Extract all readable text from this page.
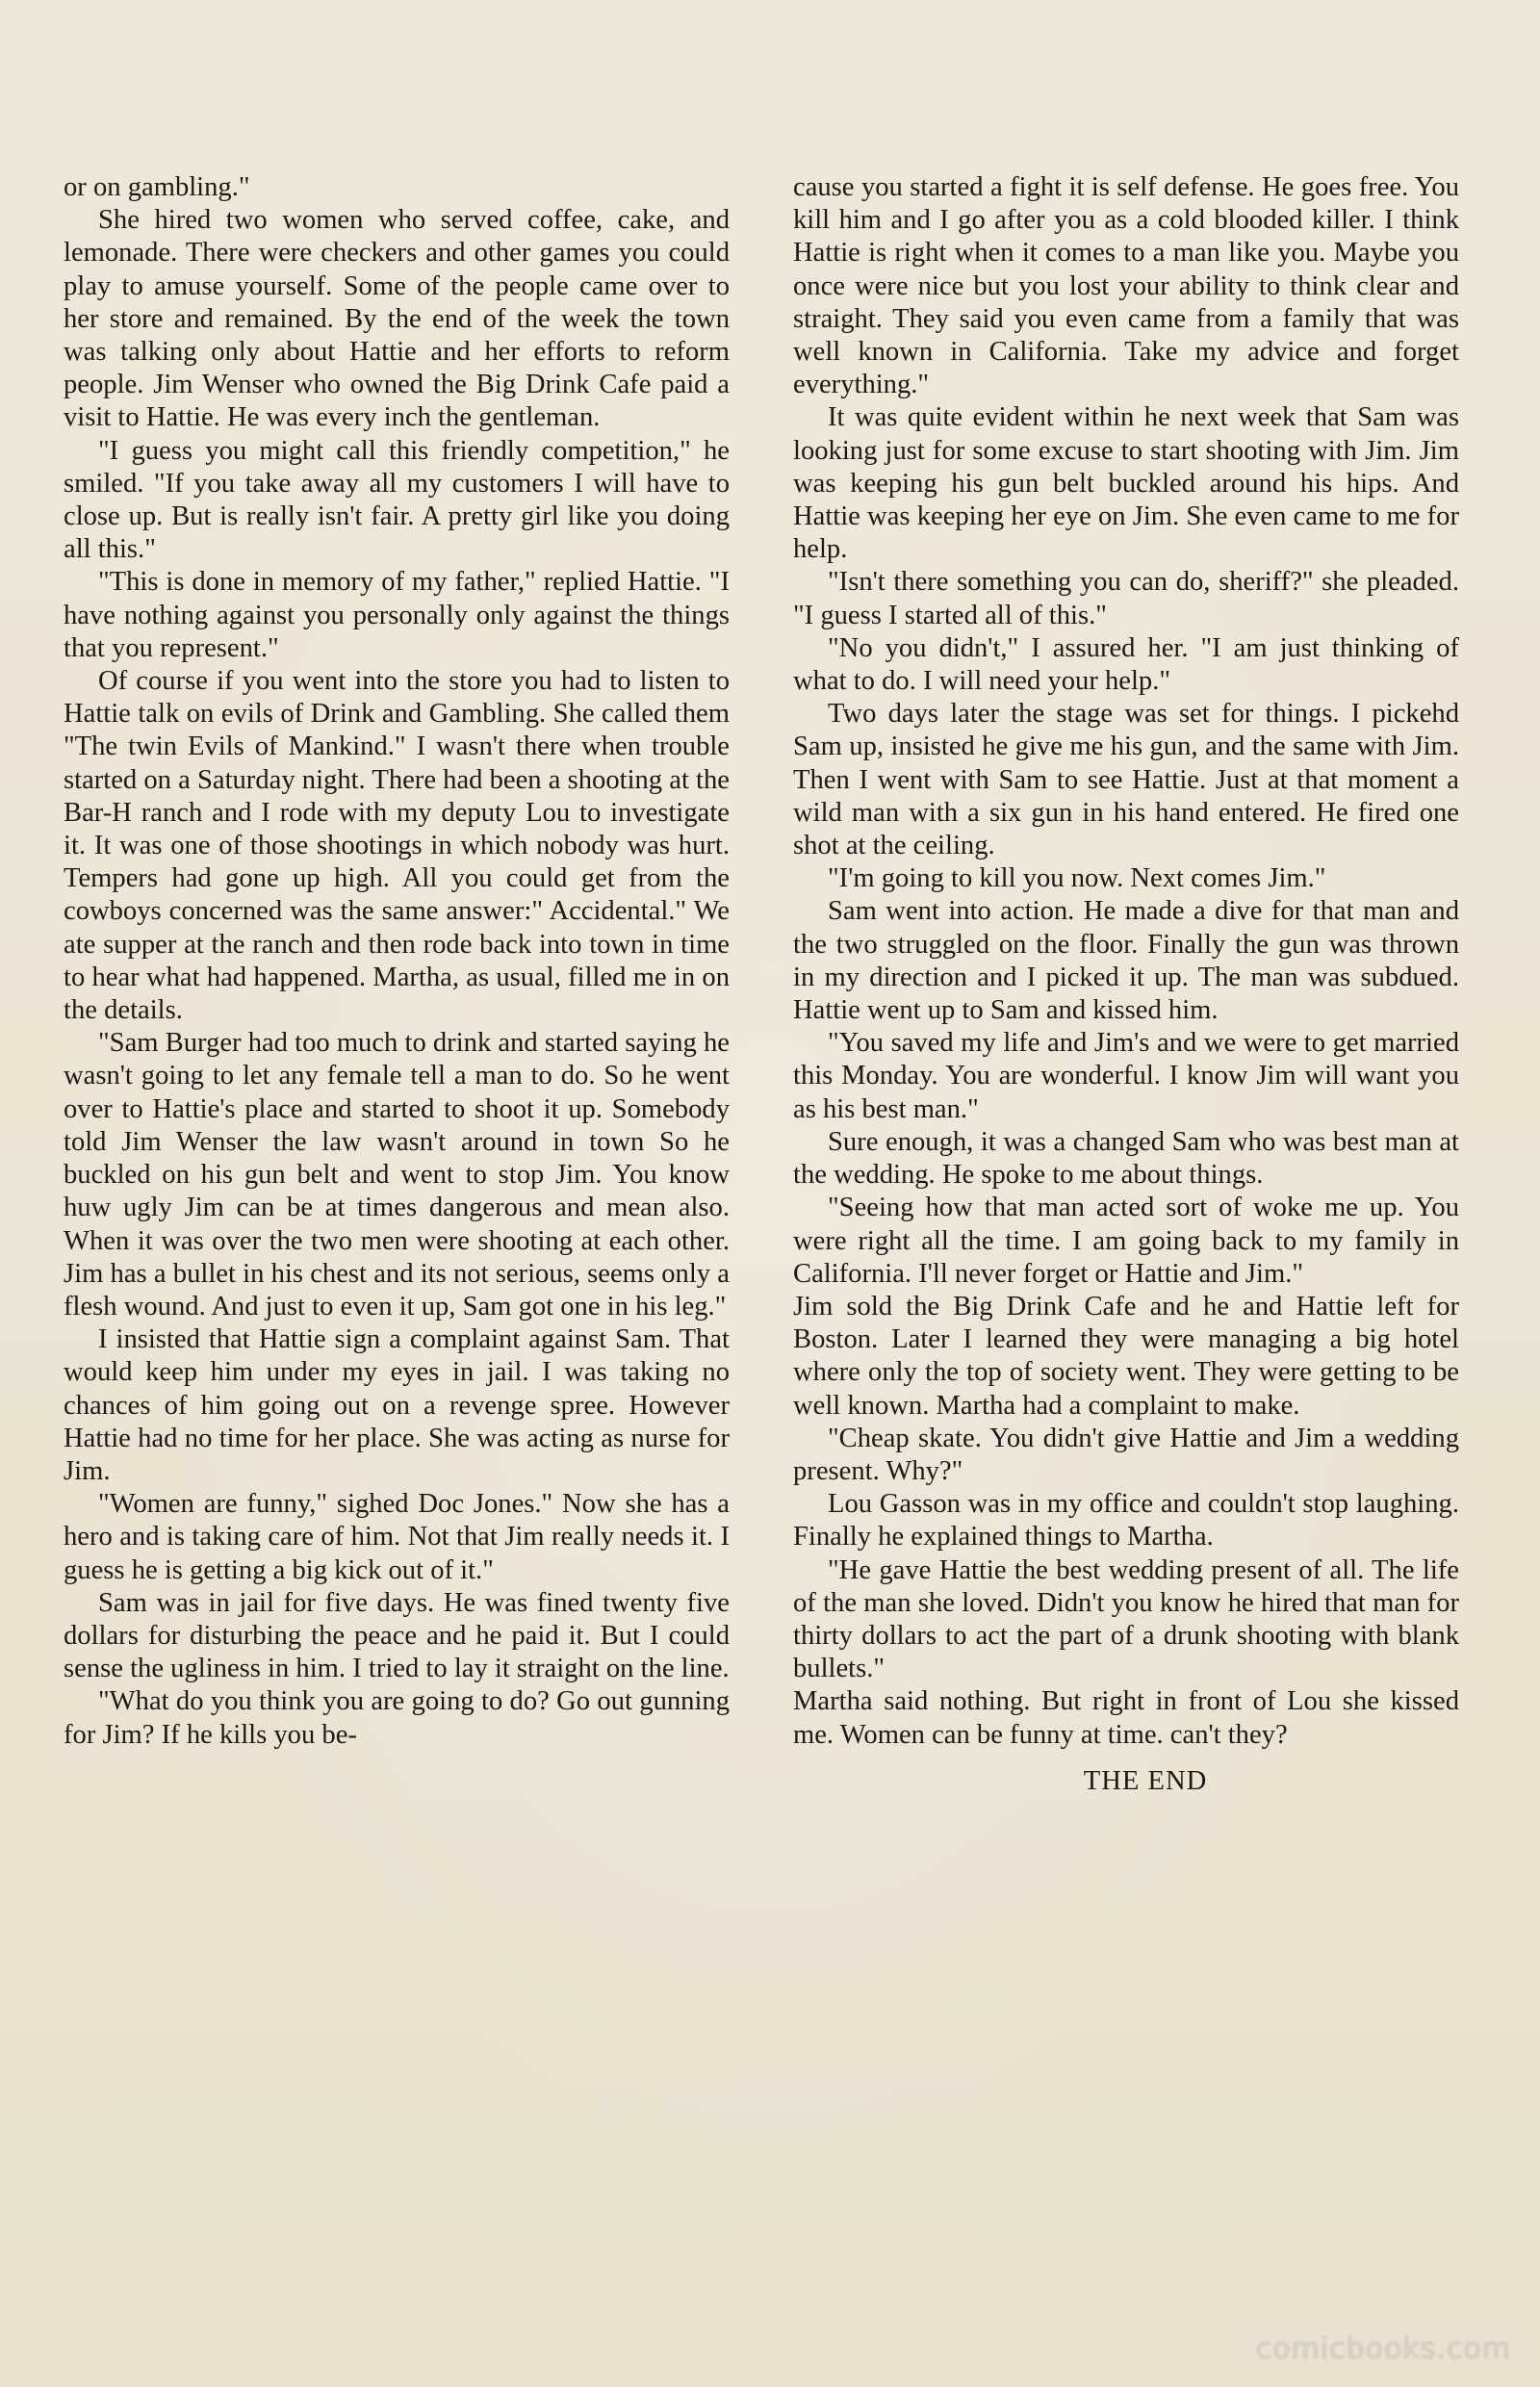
or on gambling."

She hired two women who served coffee, cake, and lemonade. There were checkers and other games you could play to amuse yourself. Some of the people came over to her store and remained. By the end of the week the town was talking only about Hattie and her efforts to reform people. Jim Wenser who owned the Big Drink Cafe paid a visit to Hattie. He was every inch the gentleman.

"I guess you might call this friendly competition," he smiled. "If you take away all my customers I will have to close up. But is really isn't fair. A pretty girl like you doing all this."

"This is done in memory of my father," replied Hattie. "I have nothing against you personally only against the things that you represent."

Of course if you went into the store you had to listen to Hattie talk on evils of Drink and Gambling. She called them "The twin Evils of Mankind." I wasn't there when trouble started on a Saturday night. There had been a shooting at the Bar-H ranch and I rode with my deputy Lou to investigate it. It was one of those shootings in which nobody was hurt. Tempers had gone up high. All you could get from the cowboys concerned was the same answer:" Accidental." We ate supper at the ranch and then rode back into town in time to hear what had happened. Martha, as usual, filled me in on the details.

"Sam Burger had too much to drink and started saying he wasn't going to let any female tell a man to do. So he went over to Hattie's place and started to shoot it up. Somebody told Jim Wenser the law wasn't around in town So he buckled on his gun belt and went to stop Jim. You know huw ugly Jim can be at times dangerous and mean also. When it was over the two men were shooting at each other. Jim has a bullet in his chest and its not serious, seems only a flesh wound. And just to even it up, Sam got one in his leg."

I insisted that Hattie sign a complaint against Sam. That would keep him under my eyes in jail. I was taking no chances of him going out on a revenge spree. However Hattie had no time for her place. She was acting as nurse for Jim.

"Women are funny," sighed Doc Jones." Now she has a hero and is taking care of him. Not that Jim really needs it. I guess he is getting a big kick out of it."

Sam was in jail for five days. He was fined twenty five dollars for disturbing the peace and he paid it. But I could sense the ugliness in him. I tried to lay it straight on the line.

"What do you think you are going to do? Go out gunning for Jim? If he kills you be-

cause you started a fight it is self defense. He goes free. You kill him and I go after you as a cold blooded killer. I think Hattie is right when it comes to a man like you. Maybe you once were nice but you lost your ability to think clear and straight. They said you even came from a family that was well known in California. Take my advice and forget everything."

It was quite evident within he next week that Sam was looking just for some excuse to start shooting with Jim. Jim was keeping his gun belt buckled around his hips. And Hattie was keeping her eye on Jim. She even came to me for help.

"Isn't there something you can do, sheriff?" she pleaded. "I guess I started all of this."

"No you didn't," I assured her. "I am just thinking of what to do. I will need your help."

Two days later the stage was set for things. I pickehd Sam up, insisted he give me his gun, and the same with Jim. Then I went with Sam to see Hattie. Just at that moment a wild man with a six gun in his hand entered. He fired one shot at the ceiling.

"I'm going to kill you now. Next comes Jim."

Sam went into action. He made a dive for that man and the two struggled on the floor. Finally the gun was thrown in my direction and I picked it up. The man was subdued. Hattie went up to Sam and kissed him.

"You saved my life and Jim's and we were to get married this Monday. You are wonderful. I know Jim will want you as his best man."

Sure enough, it was a changed Sam who was best man at the wedding. He spoke to me about things.

"Seeing how that man acted sort of woke me up. You were right all the time. I am going back to my family in California. I'll never forget or Hattie and Jim."

Jim sold the Big Drink Cafe and he and Hattie left for Boston. Later I learned they were managing a big hotel where only the top of society went. They were getting to be well known. Martha had a complaint to make.

"Cheap skate. You didn't give Hattie and Jim a wedding present. Why?"

Lou Gasson was in my office and couldn't stop laughing. Finally he explained things to Martha.

"He gave Hattie the best wedding present of all. The life of the man she loved. Didn't you know he hired that man for thirty dollars to act the part of a drunk shooting with blank bullets."

Martha said nothing. But right in front of Lou she kissed me. Women can be funny at time. can't they?

THE END

comicbooks.com
